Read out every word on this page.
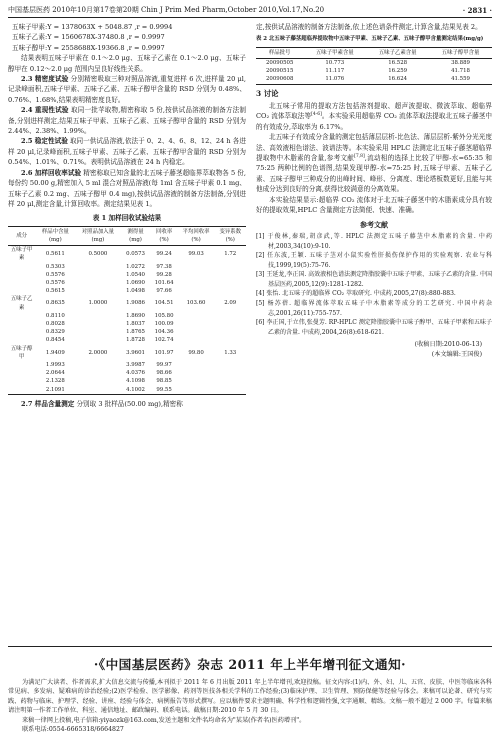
中国基层医药 2010年10月第17卷第20期 Chin J Prim Med Pharm,October 2010,Vol.17,No.20	· 2831 ·

五味子甲素:Y = 1378063X + 5048.87 ,r = 0.9994

五味子乙素:Y = 1560678X-37480.8 ,r = 0.9997

五味子醇甲:Y = 2558688X-19366.8 ,r = 0.9997

结果表明五味子甲素在 0.1～2.0 μg、五味子乙素在 0.1～2.0 μg、五味子醇甲在 0.12～2.0 μg 范围内呈良好线性关系。

2.3 精密度试验 分别精密吸取三种对照品溶液,重复进样 6 次,进样量 20 μl,记录峰面积,五味子甲素、五味子乙素、五味子醇甲含量的 RSD 分别为 0.48%、0.76%、1.68%,结果表明精密度良好。

2.4 重现性试验 取同一批苹取物,精密称取 5 份,按供试品溶液的制备方法制备,分别进样测定,结果五味子甲素、五味子乙素、五味子醇甲含量的 RSD 分别为 2.44%、2.38%、1.99%。

2.5 稳定性试验 取同一供试品溶液,依法于 0、2、4、6、8、12、24 h 各进样 20 μl,记录峰面积,五味子甲素、五味子乙素、五味子醇甲含量的 RSD 分别为 0.54%、1.01%、0.71%。表明供试品溶液在 24 h 内稳定。

2.6 加样回收率试验 精密称取已知含量的北五味子藤茎超临界萃取物各 5 份,每份约 50.00 g,精密加入 5 ml 混合对照品溶液(每 1ml 含五味子甲素 0.1 mg、五味子乙素 0.2 mg、五味子醇甲 0.4 mg),按供试品溶液的制备方法制备,分别进样 20 μl,测定含量,计算回收率。测定结果见表 1。

表 1 加样回收试验结果
成分	样品中含量(mg)	对照品加入量(mg)	测得量(mg)	回收率(%)	平均回收率(%)	变异系数(%)
五味子甲素	0.5611	0.5000	0.0573	99.24	99.03	1.72
	0.5303		1.0272	97.38		
	0.5576		1.0540	99.28		
	0.5576		1.0690	101.64		
	0.5615		1.0498	97.66		
五味子乙素	0.8635	1.0000	1.9086	104.51	103.60	2.09
	0.8110		1.8690	105.80		
	0.8028		1.8037	100.09		
	0.8329		1.8765	104.36		
	0.8454		1.8728	102.74		
五味子醇甲	1.9409	2.0000	3.9601	101.97	99.80	1.33
	1.9993		3.9987	99.97		
	2.0644		4.0376	98.66		
	2.1328		4.1098	98.85		
	2.1091		4.1002	99.55		

2.7 样品含量测定 分别取 3 批样品(50.00 mg),精密称

定,按供试品溶液的制备方法制备,依上述色谱条件测定,计算含量,结果见表 2。

表 2 北五味子藤茎超临界提取物中五味子甲素、五味子乙素、五味子醇甲含量测定结果(mg/g)
样品批号	五味子甲素含量	五味子乙素含量	五味子醇甲含量
20090505	10.773	16.528	38.889
20090515	11.117	16.259	41.718
20090608	11.076	16.624	41.559
3 讨论

北五味子常用的提取方法包括溶剂提取、超声波提取、微波萃取、超临界 CO₂ 流体萃取法等[4-6]。本实验采用超临界 CO₂ 流体萃取法提取北五味子藤茎中的有效成分,萃取率为 6.17%。

北五味子有效成分含量的测定包括薄层层析-比色法、薄层层析-紫外分光光度法、高效液相色谱法、波谱法等。本实验采用 HPLC 法测定北五味子藤茎超临界提取物中木脂素的含量,参考文献[7,8],流动相的选择上比较了甲醇-水=65:35 和 75:25 两种比例的色谱图,结果发现甲醇-水=75:25 时,五味子甲素、五味子乙素、五味子醇甲三种成分的出峰时间、峰形、分离度、理论塔板数更好,且能与其他成分达到良好的分离,获得比较满意的分离效果。

本实验结果显示:超临界 CO₂ 流体对于北五味子藤茎中的木脂素成分具有较好的提取效果,HPLC 含量测定方法简便、快速、准确。

参考文献

[1] 于俊林,秦瑞,胡彦武,等. HPLC 法测定五味子藤茎中木脂素的含量. 中药材,2003,34(10):9-10.

[2] 任东波,王颖. 五味子茎对小鼠实验性肝损伤保护作用的实验观察. 农业与科技,1999,19(5):75-76.

[3] 王延龙,李正国. 高效液相色谱法测定降脂胶囊中五味子甲素、五味子乙素的含量. 中国基层医药,2005,12(9):1281-1282.

[4] 张怡. 北五味子的超临界 CO₂ 萃取研究. 中成药,2005,27(8):880-883.

[5] 杨苏蓓. 超临界流体萃取五味子中木脂素等成分的工艺研究. 中国中药杂志,2001,26(11):755-757.

[6] 李正国,于立伟,张曼芳. RP-HPLC 测定降脂胶囊中五味子醇甲、五味子甲素和五味子乙素的含量. 中成药,2004,26(8):618-621.

(收稿日期:2010-06-13)
(本文编辑:王国俊)
·《中国基层医药》杂志 2011 年上半年增刊征文通知·

为满足广大读者、作者需求,扩大信息交流与传播,本刊拟于 2011 年 6 月出版 2011 年上半年增刊,欢迎投稿。征文内容:(1)内、外、妇、儿、五官、皮肤、中医等临床各科常见病、多发病、疑难病的诊治经验;(2)医学检验、医学影像、药剂等医技各相关学科的工作经验;(3)临床护理、卫生管理、预防保健等经验与体会。来稿可以论著、研究与实践、药物与临床、护理学、经验、讲座、经验与体会、病例报告等形式撰写。应以稿件要求主题明确、科学性和逻辑性强,文字通顺、精练。文稿一般不超过 2 000 字。每篇来稿请注明第一作者工作单位、科室、通信地址、邮政编码、联系电话。截稿日期:2010 年 5 月 30 日。

来稿一律网上投稿,电子信箱:yiyaozk@163.com,发送主题和文件名均命名为"某某(作者名)医药增刊"。

联系电话:0554-6665318/6664827
